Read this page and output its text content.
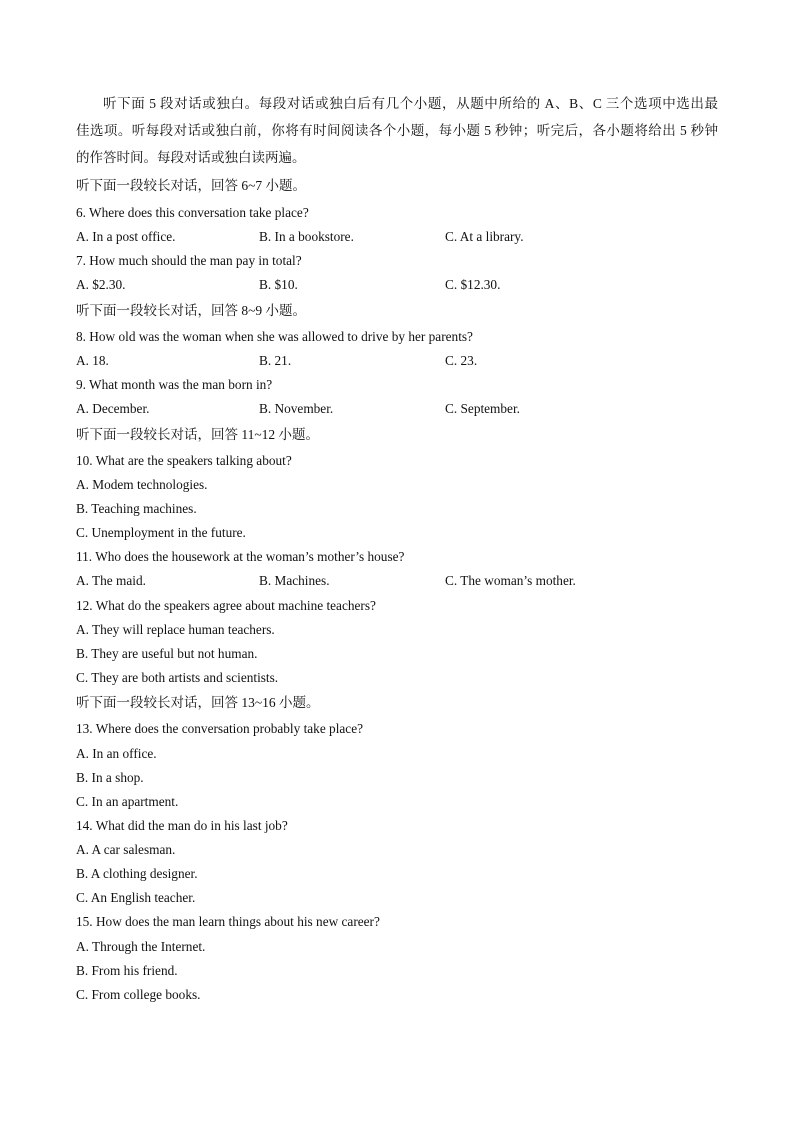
听下面 5 段对话或独白。每段对话或独白后有几个小题，从题中所给的 A、B、C 三个选项中选出最
佳选项。听每段对话或独白前，你将有时间阅读各个小题，每小题 5 秒钟；听完后，各小题将给出 5 秒钟
的作答时间。每段对话或独白读两遍。
听下面一段较长对话，回答 6~7 小题。
6. Where does this conversation take place?
A. In a post office.	B. In a bookstore.	C. At a library.
7. How much should the man pay in total?
A. $2.30.	B. $10.	C. $12.30.
听下面一段较长对话，回答 8~9 小题。
8. How old was the woman when she was allowed to drive by her parents?
A. 18.	B. 21.	C. 23.
9. What month was the man born in?
A. December.	B. November.	C. September.
听下面一段较长对话，回答 11~12 小题。
10. What are the speakers talking about?
A. Modem technologies.
B. Teaching machines.
C. Unemployment in the future.
11. Who does the housework at the woman’s mother’s house?
A. The maid.	B. Machines.	C. The woman’s mother.
12. What do the speakers agree about machine teachers?
A. They will replace human teachers.
B. They are useful but not human.
C. They are both artists and scientists.
听下面一段较长对话，回答 13~16 小题。
13. Where does the conversation probably take place?
A. In an office.
B. In a shop.
C. In an apartment.
14. What did the man do in his last job?
A. A car salesman.
B. A clothing designer.
C. An English teacher.
15. How does the man learn things about his new career?
A. Through the Internet.
B. From his friend.
C. From college books.
